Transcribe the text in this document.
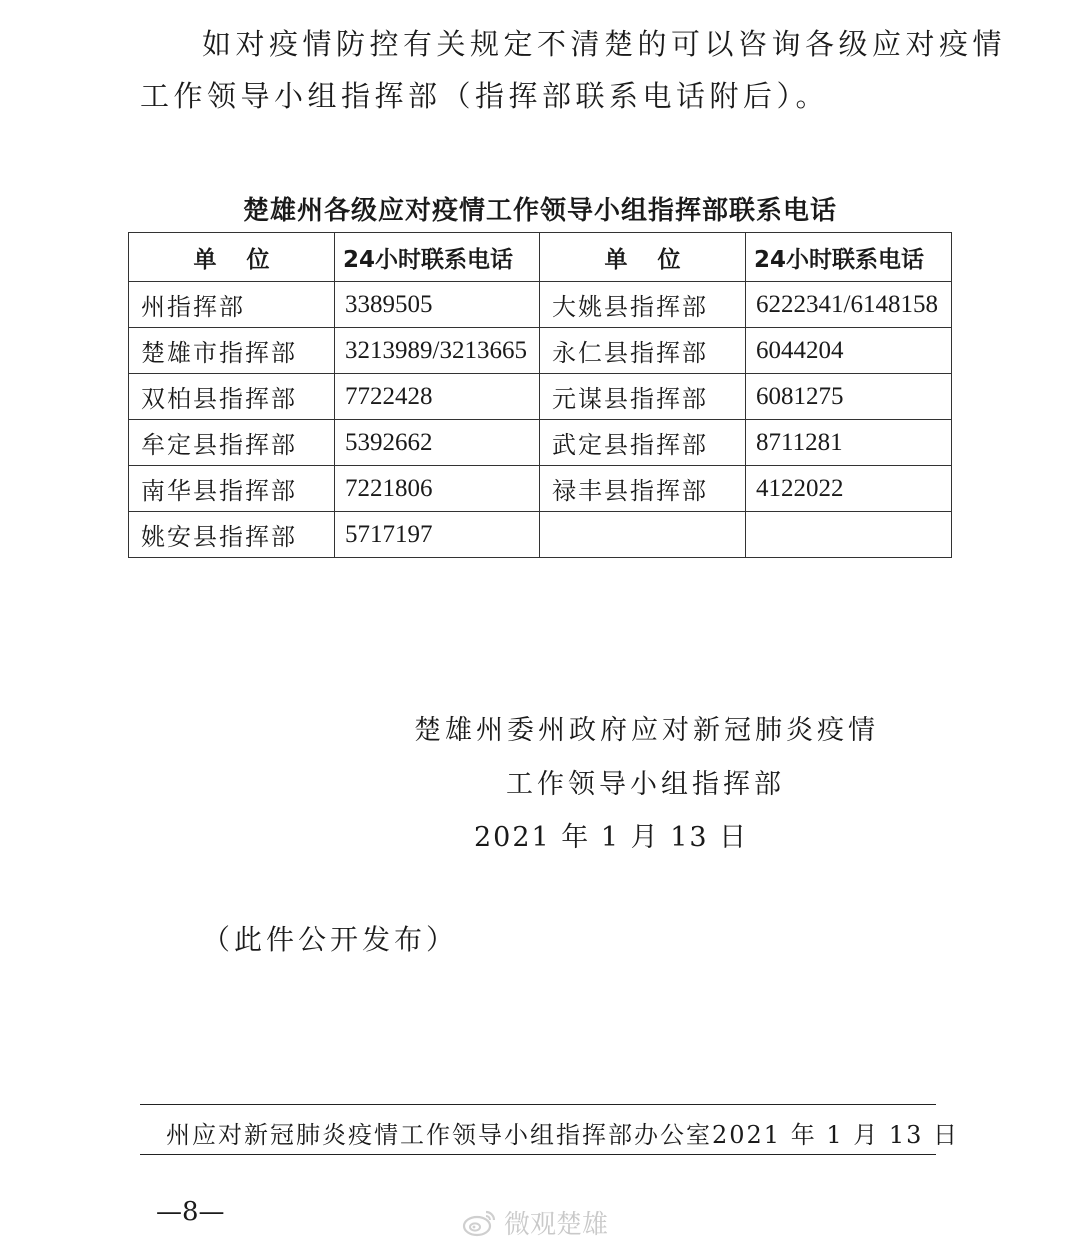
如对疫情防控有关规定不清楚的可以咨询各级应对疫情
工作领导小组指挥部（指挥部联系电话附后）。
楚雄州各级应对疫情工作领导小组指挥部联系电话
单位	24小时联系电话	单位	24小时联系电话
州指挥部	3389505	大姚县指挥部	6222341/6148158
楚雄市指挥部	3213989/3213665	永仁县指挥部	6044204
双柏县指挥部	7722428	元谋县指挥部	6081275
牟定县指挥部	5392662	武定县指挥部	8711281
南华县指挥部	7221806	禄丰县指挥部	4122022
姚安县指挥部	5717197		
楚雄州委州政府应对新冠肺炎疫情
工作领导小组指挥部
2021 年 1 月 13 日
（此件公开发布）
州应对新冠肺炎疫情工作领导小组指挥部办公室 2021 年 1 月 13 日
—8—	微观楚雄
